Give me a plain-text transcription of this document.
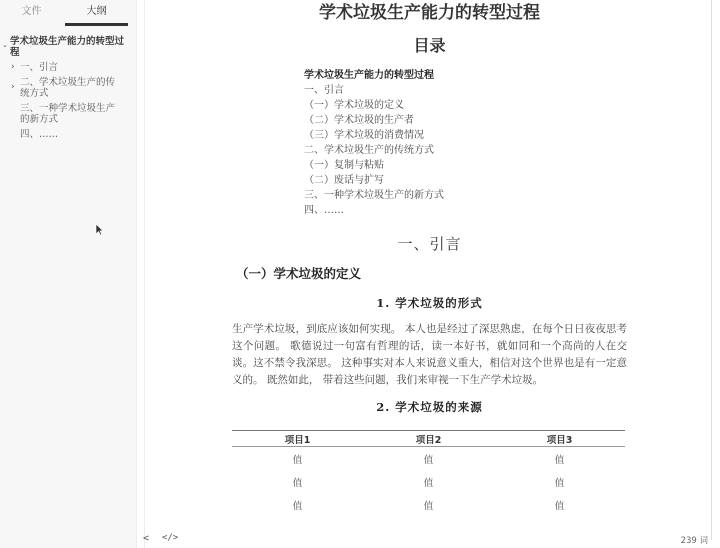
文件	大纲
⌄ 学术垃圾生产能力的转型过程
› 一、引言
› 二、学术垃圾生产的传统方式
三、一种学术垃圾生产的新方式
四、……
学术垃圾生产能力的转型过程
目录
学术垃圾生产能力的转型过程
一、引言
（一）学术垃圾的定义
（二）学术垃圾的生产者
（三）学术垃圾的消费情况
二、学术垃圾生产的传统方式
（一）复制与粘贴
（二）废话与扩写
三、一种学术垃圾生产的新方式
四、……
一、引言
（一）学术垃圾的定义
1. 学术垃圾的形式
生产学术垃圾，到底应该如何实现。 本人也是经过了深思熟虑，在每个日日夜夜思考这个问题。 歌德说过一句富有哲理的话，读一本好书，就如同和一个高尚的人在交谈。这不禁令我深思。 这种事实对本人来说意义重大，相信对这个世界也是有一定意义的。 既然如此， 带着这些问题，我们来审视一下生产学术垃圾。
2. 学术垃圾的来源
项目1	项目2	项目3
值	值	值
值	值	值
值	值	值
< </>	239 词
